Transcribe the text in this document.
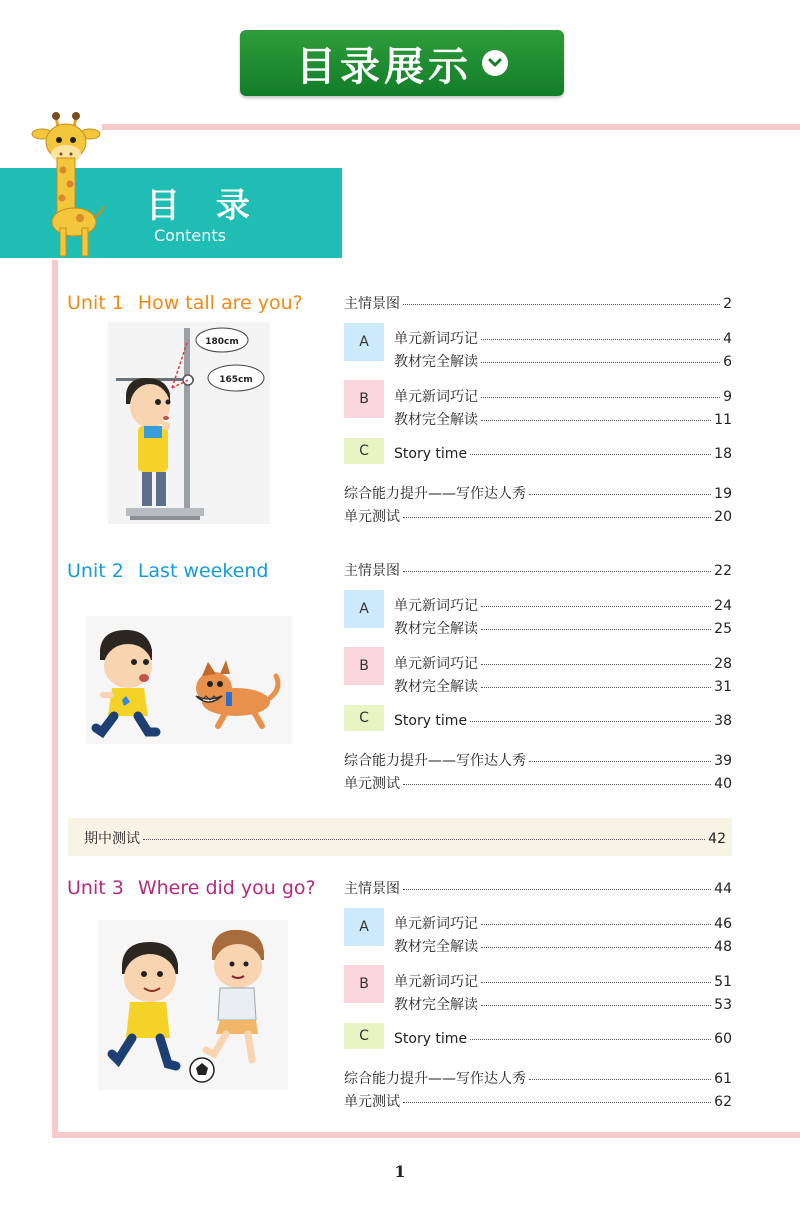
目录展示
目 录
Contents
Unit 1 How tall are you?
180cm
165cm
Unit 2 Last weekend
期中测试	42
Unit 3 Where did you go?
1
A
B
C
主情景图	2
单元新词巧记	4
教材完全解读	6
单元新词巧记	9
教材完全解读	11
Story time	18
综合能力提升——写作达人秀	19
单元测试	20
A
B
C
主情景图	22
单元新词巧记	24
教材完全解读	25
单元新词巧记	28
教材完全解读	31
Story time	38
综合能力提升——写作达人秀	39
单元测试	40
A
B
C
主情景图	44
单元新词巧记	46
教材完全解读	48
单元新词巧记	51
教材完全解读	53
Story time	60
综合能力提升——写作达人秀	61
单元测试	62
